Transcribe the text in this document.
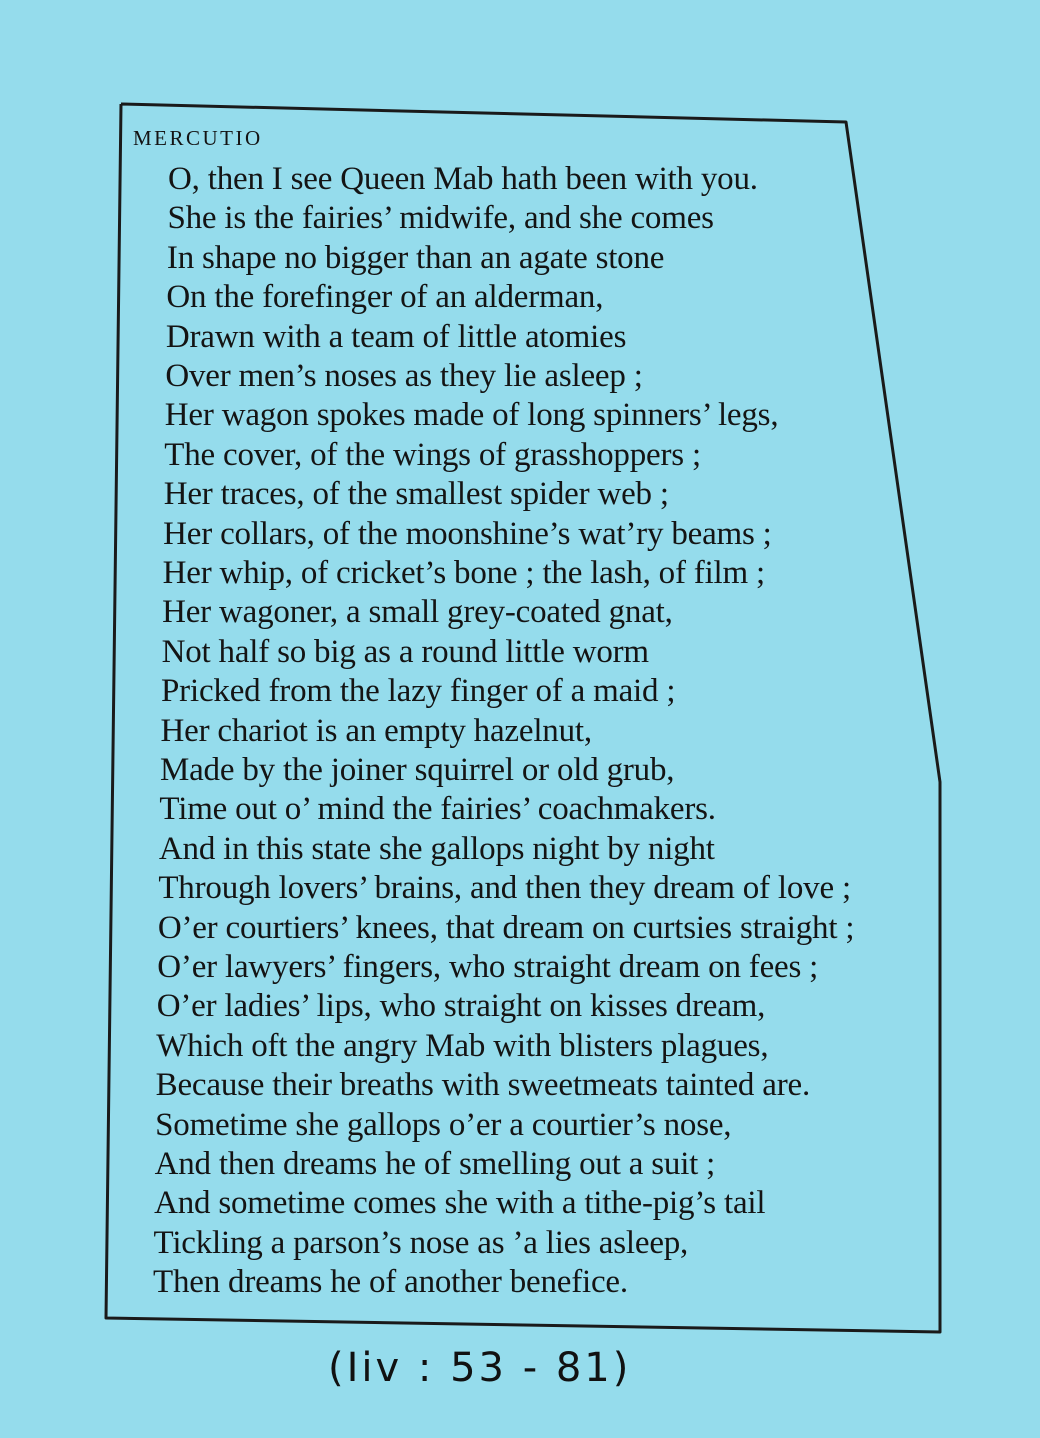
MERCUTIO
O, then I see Queen Mab hath been with you.
She is the fairies’ midwife, and she comes
In shape no bigger than an agate stone
On the forefinger of an alderman,
Drawn with a team of little atomies
Over men’s noses as they lie asleep ;
Her wagon spokes made of long spinners’ legs,
The cover, of the wings of grasshoppers ;
Her traces, of the smallest spider web ;
Her collars, of the moonshine’s wat’ry beams ;
Her whip, of cricket’s bone ; the lash, of film ;
Her wagoner, a small grey-coated gnat,
Not half so big as a round little worm
Pricked from the lazy finger of a maid ;
Her chariot is an empty hazelnut,
Made by the joiner squirrel or old grub,
Time out o’ mind the fairies’ coachmakers.
And in this state she gallops night by night
Through lovers’ brains, and then they dream of love ;
O’er courtiers’ knees, that dream on curtsies straight ;
O’er lawyers’ fingers, who straight dream on fees ;
O’er ladies’ lips, who straight on kisses dream,
Which oft the angry Mab with blisters plagues,
Because their breaths with sweetmeats tainted are.
Sometime she gallops o’er a courtier’s nose,
And then dreams he of smelling out a suit ;
And sometime comes she with a tithe-pig’s tail
Tickling a parson’s nose as ’a lies asleep,
Then dreams he of another benefice.

(Iiv : 53 - 81)
